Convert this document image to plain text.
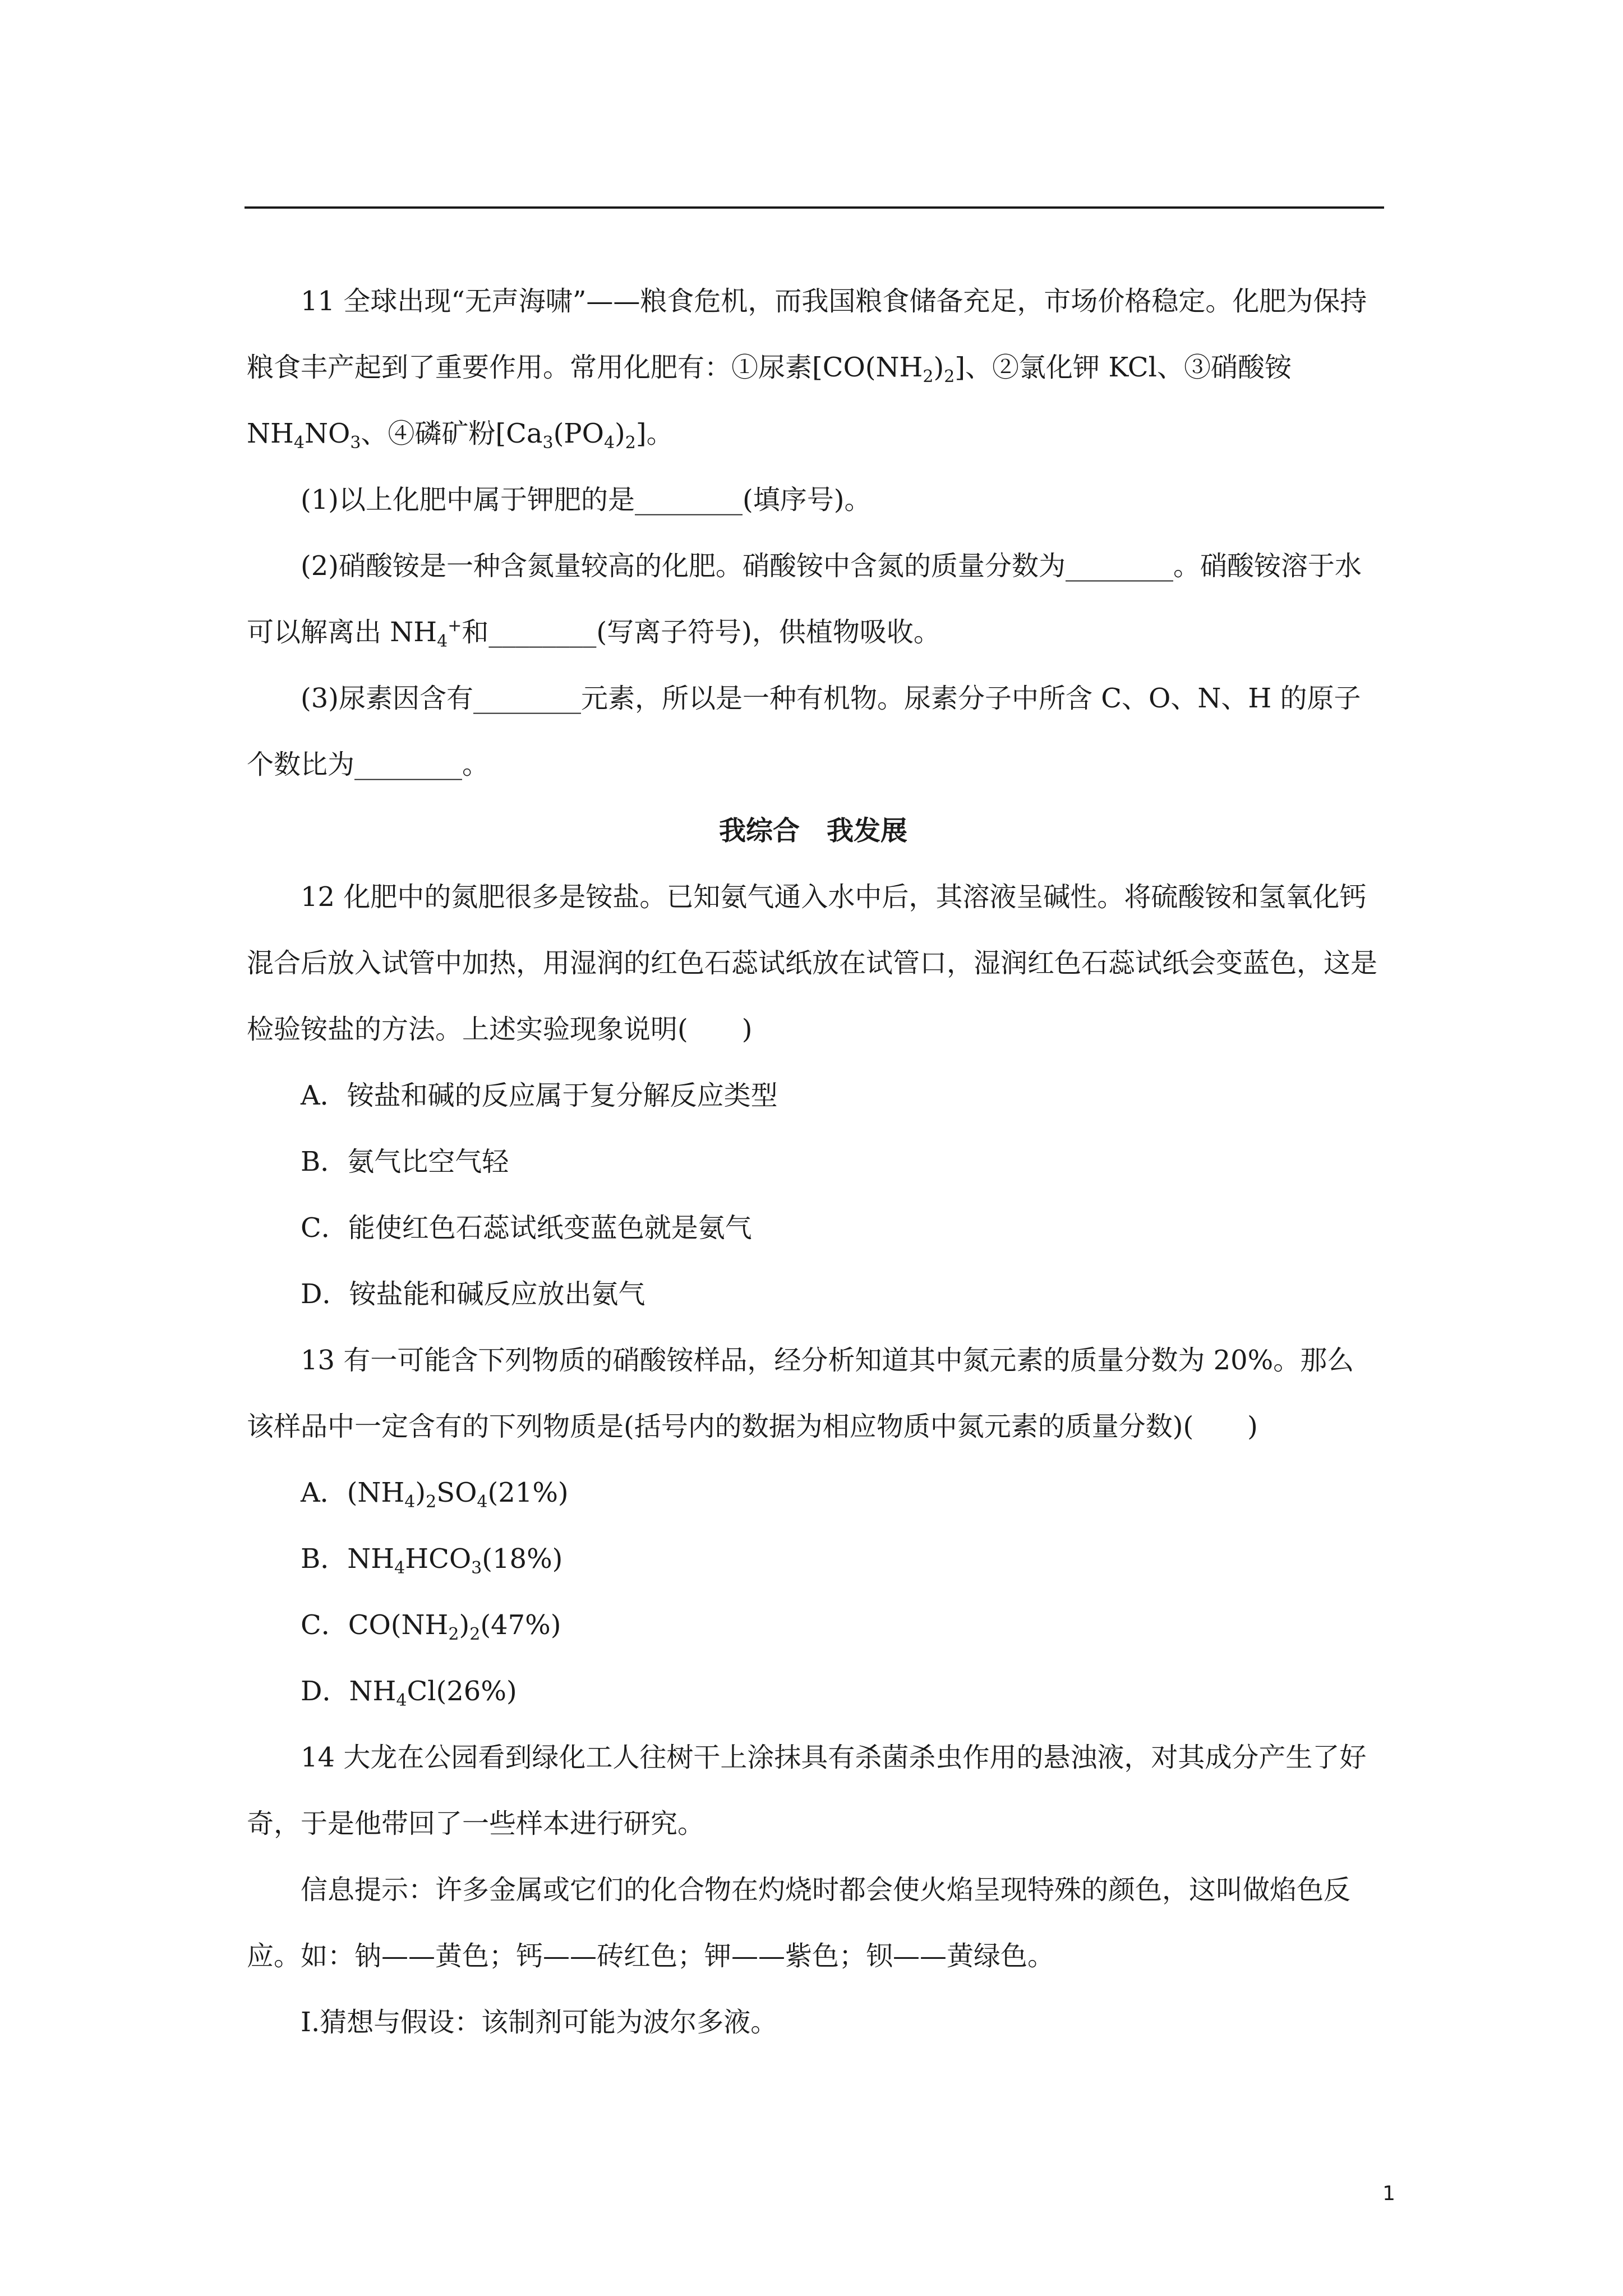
11 全球出现“无声海啸”——粮食危机，而我国粮食储备充足，市场价格稳定。化肥为保持粮食丰产起到了重要作用。常用化肥有：①尿素$[CO(NH_2)_2]$、②氯化钾 KCl、③硝酸铵 $NH_4NO_3$、④磷矿粉$[Ca_3(PO_4)_2]$。

(1)以上化肥中属于钾肥的是________(填序号)。

(2)硝酸铵是一种含氮量较高的化肥。硝酸铵中含氮的质量分数为________。硝酸铵溶于水可以解离出 $NH_4^+$和________(写离子符号)，供植物吸收。

(3)尿素因含有________元素，所以是一种有机物。尿素分子中所含 C、O、N、H 的原子个数比为________。

我综合　我发展

12 化肥中的氮肥很多是铵盐。已知氨气通入水中后，其溶液呈碱性。将硫酸铵和氢氧化钙混合后放入试管中加热，用湿润的红色石蕊试纸放在试管口，湿润红色石蕊试纸会变蓝色，这是检验铵盐的方法。上述实验现象说明(　　)

A．铵盐和碱的反应属于复分解反应类型

B．氨气比空气轻

C．能使红色石蕊试纸变蓝色就是氨气

D．铵盐能和碱反应放出氨气

13 有一可能含下列物质的硝酸铵样品，经分析知道其中氮元素的质量分数为 20%。那么该样品中一定含有的下列物质是(括号内的数据为相应物质中氮元素的质量分数)(　　)

A．$(NH_4)_2SO_4(21\%)$

B．$NH_4HCO_3(18\%)$

C．$CO(NH_2)_2(47\%)$

D．$NH_4Cl(26\%)$

14 大龙在公园看到绿化工人往树干上涂抹具有杀菌杀虫作用的悬浊液，对其成分产生了好奇，于是他带回了一些样本进行研究。

信息提示：许多金属或它们的化合物在灼烧时都会使火焰呈现特殊的颜色，这叫做焰色反应。如：钠——黄色；钙——砖红色；钾——紫色；钡——黄绿色。

Ⅰ.猜想与假设：该制剂可能为波尔多液。

1
